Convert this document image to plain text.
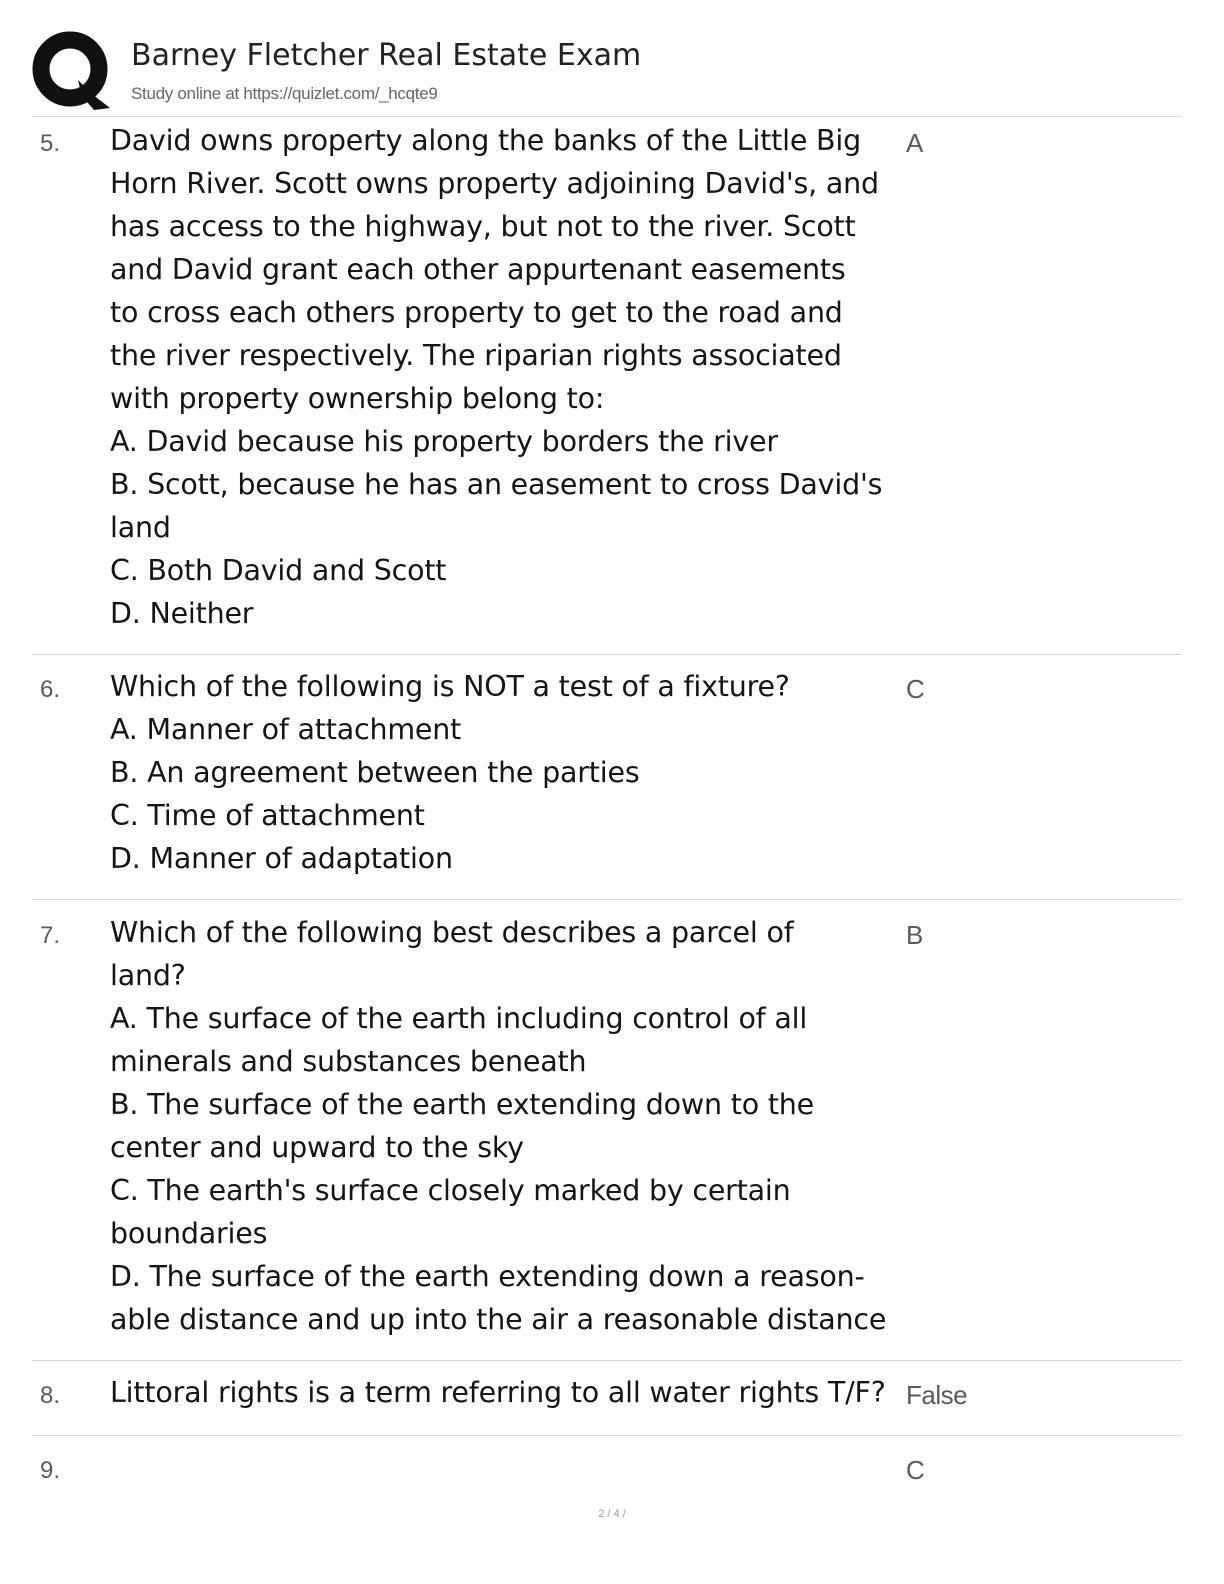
Barney Fletcher Real Estate Exam
Study online at https://quizlet.com/_hcqte9
5. David owns property along the banks of the Little Big
Horn River. Scott owns property adjoining David's, and
has access to the highway, but not to the river. Scott
and David grant each other appurtenant easements
to cross each others property to get to the road and
the river respectively. The riparian rights associated
with property ownership belong to:
A. David because his property borders the river
B. Scott, because he has an easement to cross David's
land
C. Both David and Scott
D. Neither
A
6. Which of the following is NOT a test of a fixture?
A. Manner of attachment
B. An agreement between the parties
C. Time of attachment
D. Manner of adaptation
C
7. Which of the following best describes a parcel of
land?
A. The surface of the earth including control of all
minerals and substances beneath
B. The surface of the earth extending down to the
center and upward to the sky
C. The earth's surface closely marked by certain
boundaries
D. The surface of the earth extending down a reason-
able distance and up into the air a reasonable distance
B
8. Littoral rights is a term referring to all water rights T/F? False
9.	C
2 / 4 /
